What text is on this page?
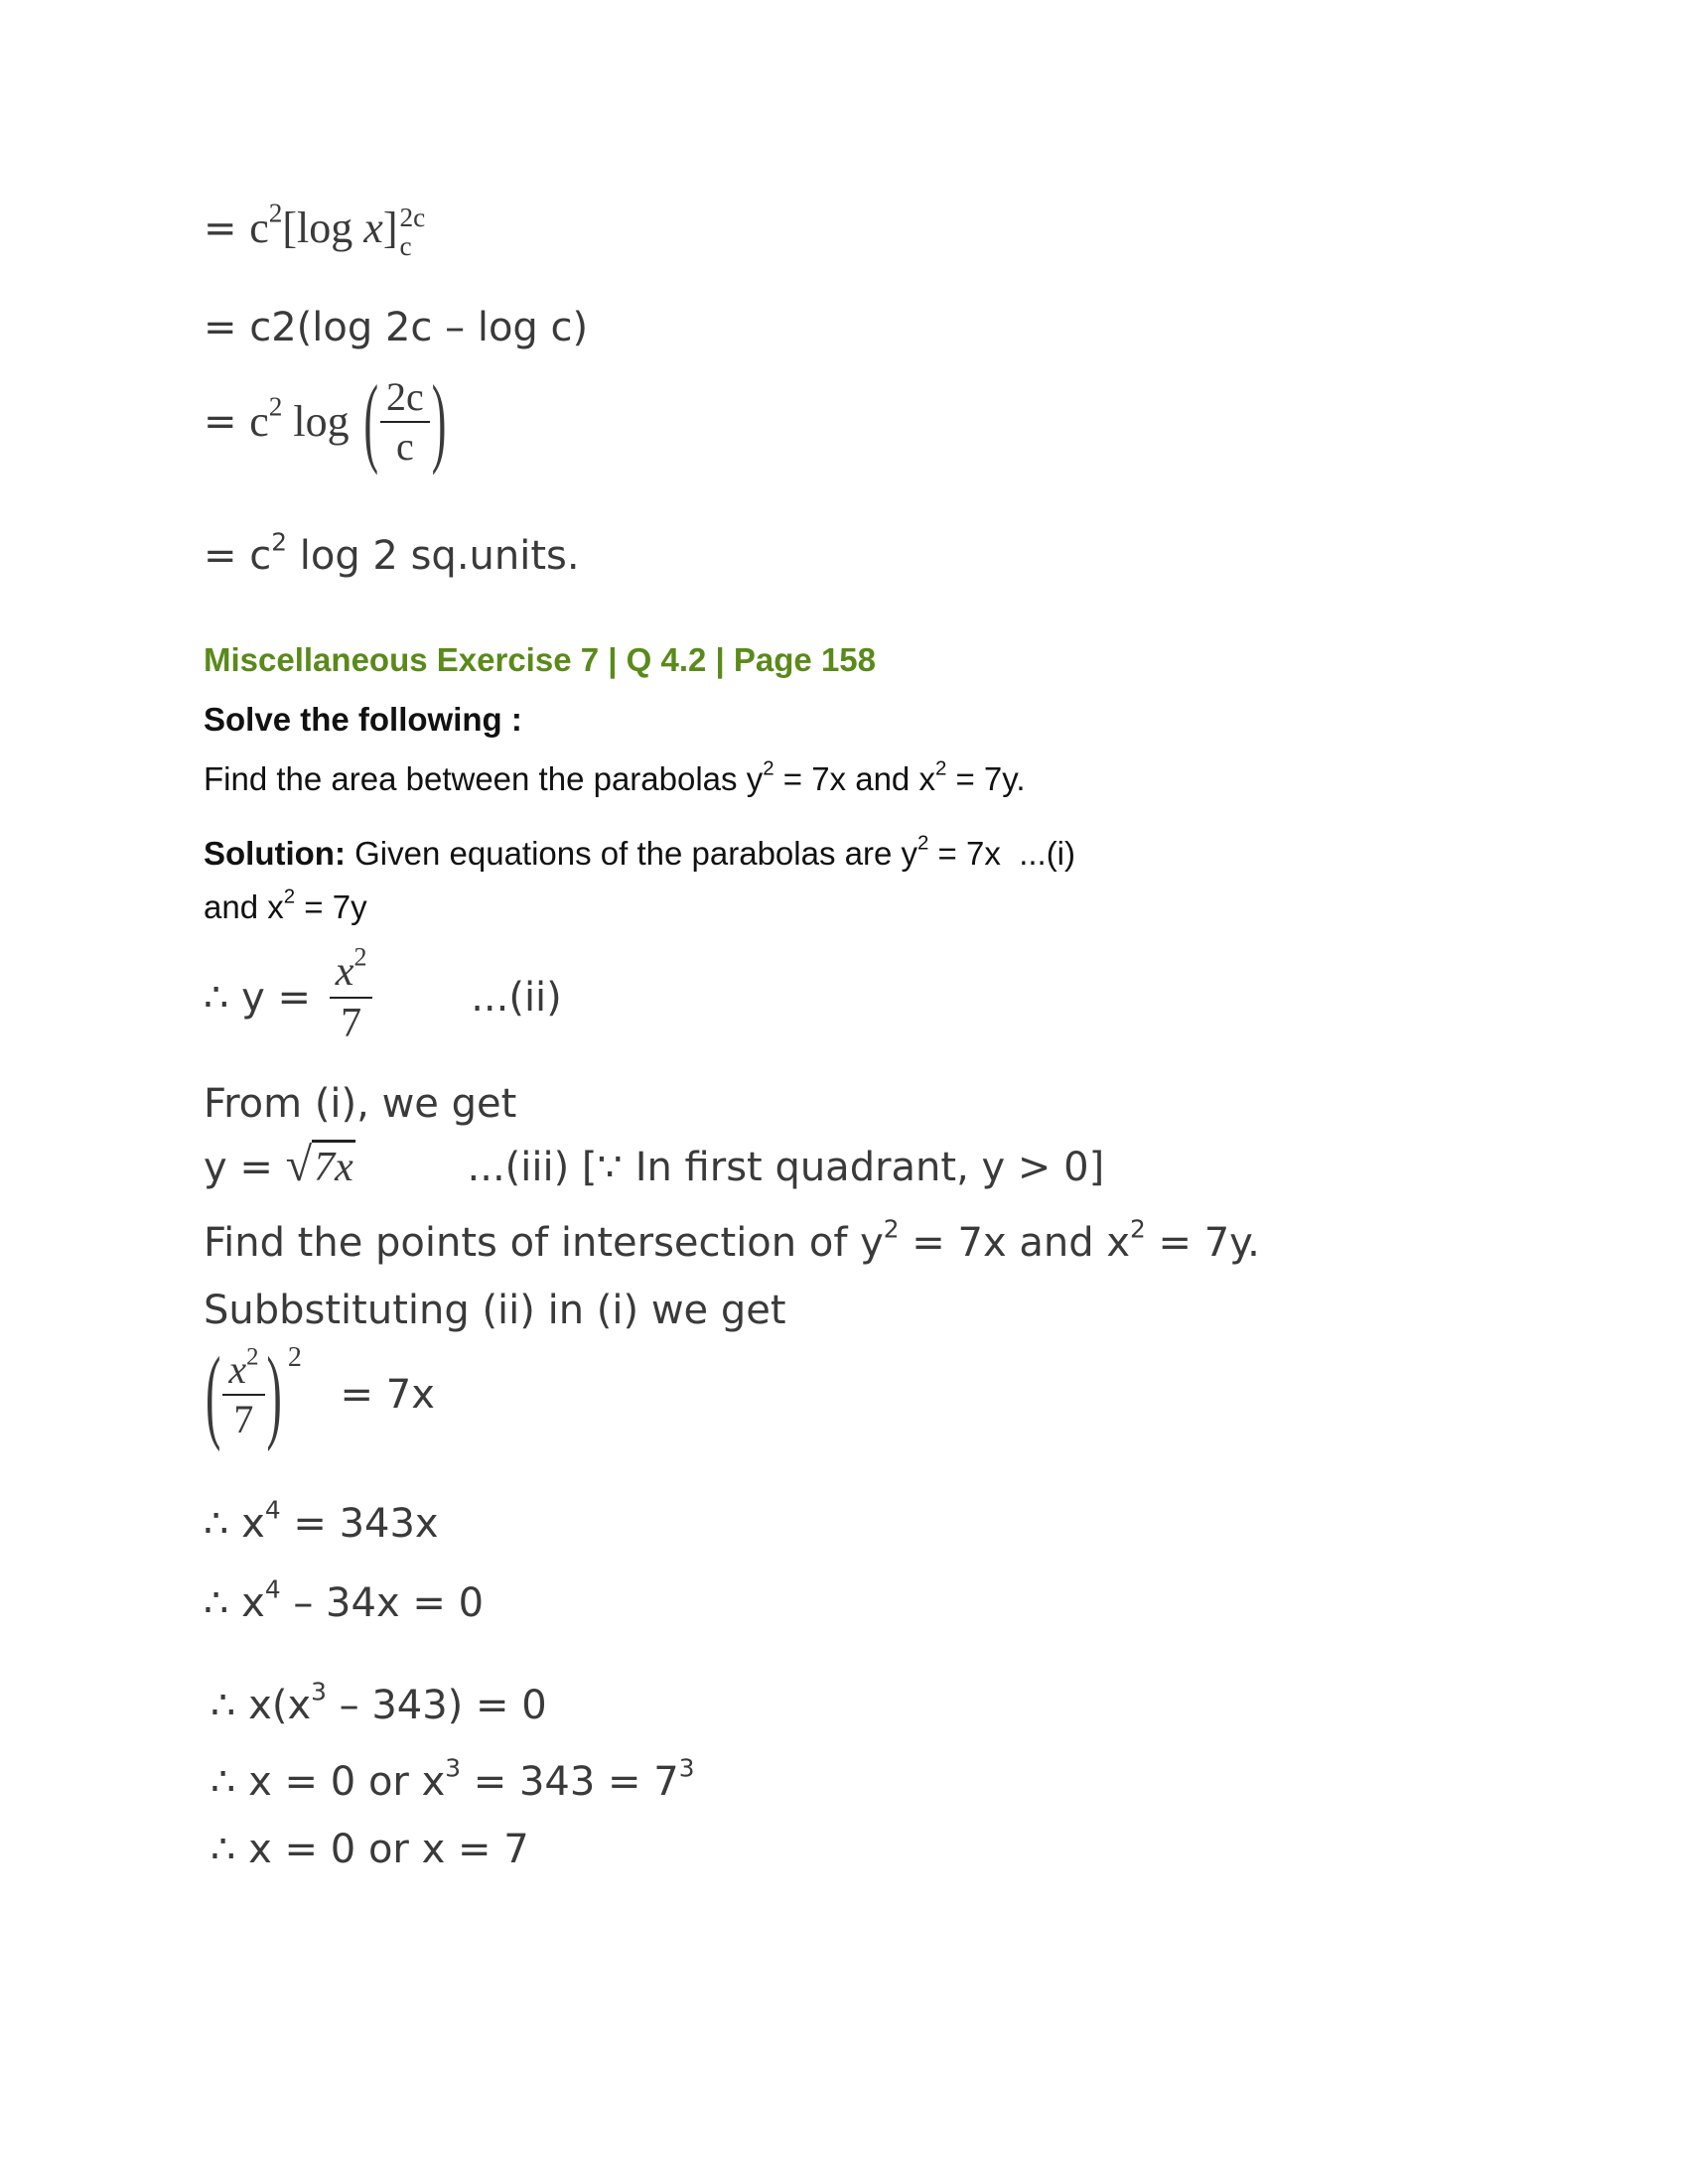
= $c^2[\log$ x] 2c
c
= c2(log 2c – log c)
= $c^2$ log ( $\frac{2c}{c}$ )
= $c^2$ log 2 sq.units.
Miscellaneous Exercise 7 | Q 4.2 | Page 158
Solve the following :
Find the area between the parabolas $y^2 = 7x$ and $x^2 = 7y$.
Solution: Given equations of the parabolas are $y^2 = 7x$  ...(i)
and $x^2 = 7y$
∴ $y = \frac{x^2}{7} ...(ii)$
From (i), we get
y = √7x	...(iii) [∵ In first quadrant, y > 0]
Find the points of intersection of $y^2 = 7x$ and $x^2 = 7y$.
Subbstituting (ii) in (i) we get
( $\frac{x^2}{7}$ ) $^2$ = 7x
∴ $x^4 = 343x$
∴ $x^4 - 34x = 0$
∴ $x(x^3 - 343) = 0$
∴ x = 0 or $x^3 = 343 = 7^3$
∴ x = 0 or x = 7
